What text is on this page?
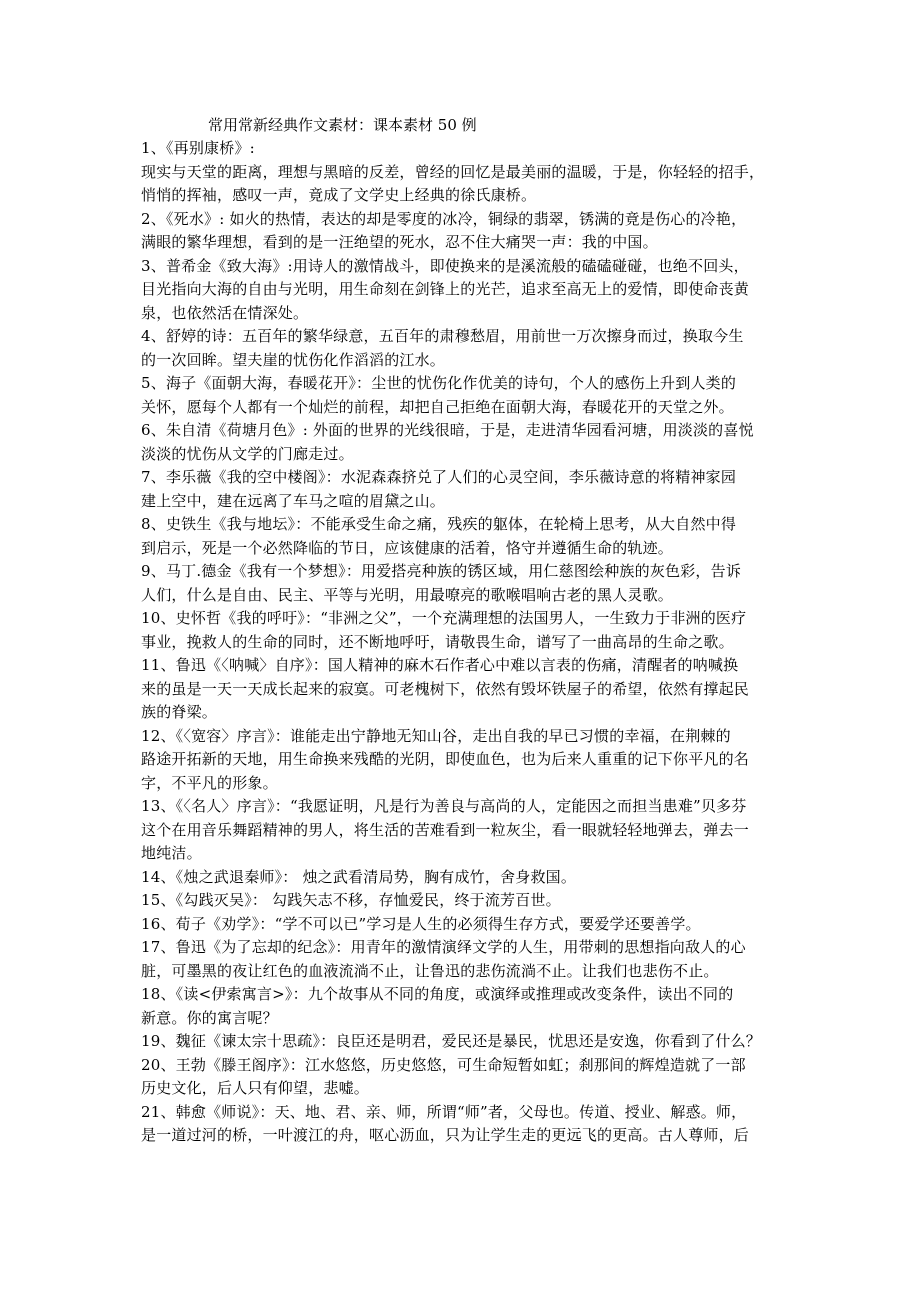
常用常新经典作文素材：课本素材 50 例
1、《再别康桥》:
现实与天堂的距离，理想与黑暗的反差，曾经的回忆是最美丽的温暖，于是，你轻轻的招手，
悄悄的挥袖，感叹一声，竟成了文学史上经典的徐氏康桥。
2、《死水》: 如火的热情，表达的却是零度的冰冷，铜绿的翡翠，锈满的竟是伤心的冷艳，
满眼的繁华理想，看到的是一汪绝望的死水，忍不住大痛哭一声：我的中国。
3、普希金《致大海》:用诗人的激情战斗，即使换来的是溪流般的磕磕碰碰，也绝不回头，
目光指向大海的自由与光明，用生命刻在剑锋上的光芒，追求至高无上的爱情，即使命丧黄
泉，也依然活在情深处。
4、舒婷的诗：五百年的繁华绿意，五百年的肃穆愁眉，用前世一万次擦身而过，换取今生
的一次回眸。望夫崖的忧伤化作滔滔的江水。
5、海子《面朝大海，春暖花开》：尘世的忧伤化作优美的诗句，个人的感伤上升到人类的
关怀，愿每个人都有一个灿烂的前程，却把自己拒绝在面朝大海，春暖花开的天堂之外。
6、朱自清《荷塘月色》: 外面的世界的光线很暗，于是，走进清华园看河塘，用淡淡的喜悦
淡淡的忧伤从文学的门廊走过。
7、李乐薇《我的空中楼阁》：水泥森森挤兑了人们的心灵空间，李乐薇诗意的将精神家园
建上空中，建在远离了车马之喧的眉黛之山。
8、史铁生《我与地坛》：不能承受生命之痛，残疾的躯体，在轮椅上思考，从大自然中得
到启示，死是一个必然降临的节日，应该健康的活着，恪守并遵循生命的轨迹。
9、马丁.德金《我有一个梦想》：用爱搭亮种族的锈区域，用仁慈图绘种族的灰色彩，告诉
人们，什么是自由、民主、平等与光明，用最嘹亮的歌喉唱响古老的黑人灵歌。
10、史怀哲《我的呼吁》：“非洲之父”，一个充满理想的法国男人，一生致力于非洲的医疗
事业，挽救人的生命的同时，还不断地呼吁，请敬畏生命，谱写了一曲高昂的生命之歌。
11、鲁迅《〈呐喊〉自序》：国人精神的麻木石作者心中难以言表的伤痛，清醒者的呐喊换
来的虽是一天一天成长起来的寂寞。可老槐树下，依然有毁坏铁屋子的希望，依然有撑起民
族的脊梁。
12、《〈宽容〉序言》：谁能走出宁静地无知山谷，走出自我的早已习惯的幸福，在荆棘的
路途开拓新的天地，用生命换来残酷的光阴，即使血色，也为后来人重重的记下你平凡的名
字，不平凡的形象。
13、《〈名人〉序言》：“我愿证明，凡是行为善良与高尚的人，定能因之而担当患难”贝多芬
这个在用音乐舞蹈精神的男人，将生活的苦难看到一粒灰尘，看一眼就轻轻地弹去，弹去一
地纯洁。
14、《烛之武退秦师》： 烛之武看清局势，胸有成竹，舍身救国。
15、《勾践灭吴》： 勾践矢志不移，存恤爱民，终于流芳百世。
16、荀子《劝学》：“学不可以已”学习是人生的必须得生存方式，要爱学还要善学。
17、鲁迅《为了忘却的纪念》：用青年的激情演绎文学的人生，用带刺的思想指向敌人的心
脏，可墨黑的夜让红色的血液流淌不止，让鲁迅的悲伤流淌不止。让我们也悲伤不止。
18、《读<伊索寓言>》：九个故事从不同的角度，或演绎或推理或改变条件，读出不同的
新意。你的寓言呢？
19、魏征《谏太宗十思疏》：良臣还是明君，爱民还是暴民，忧思还是安逸，你看到了什么？
20、王勃《滕王阁序》：江水悠悠，历史悠悠，可生命短暂如虹；刹那间的辉煌造就了一部
历史文化，后人只有仰望，悲嘘。
21、韩愈《师说》：天、地、君、亲、师，所谓“师”者，父母也。传道、授业、解惑。师，
是一道过河的桥，一叶渡江的舟，呕心沥血，只为让学生走的更远飞的更高。古人尊师，后
